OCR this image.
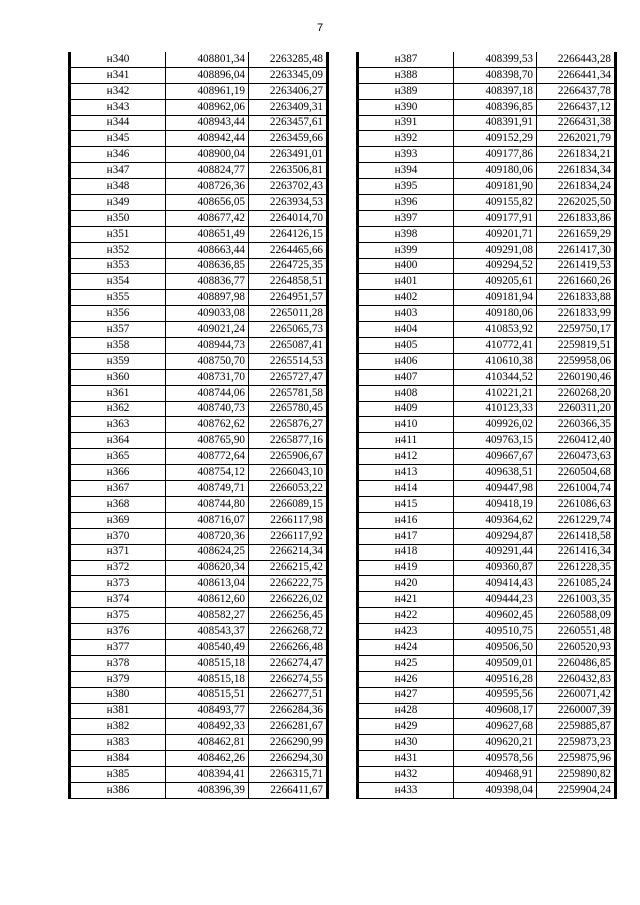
7
н340	408801,34	2263285,48
н341	408896,04	2263345,09
н342	408961,19	2263406,27
н343	408962,06	2263409,31
н344	408943,44	2263457,61
н345	408942,44	2263459,66
н346	408900,04	2263491,01
н347	408824,77	2263506,81
н348	408726,36	2263702,43
н349	408656,05	2263934,53
н350	408677,42	2264014,70
н351	408651,49	2264126,15
н352	408663,44	2264465,66
н353	408636,85	2264725,35
н354	408836,77	2264858,51
н355	408897,98	2264951,57
н356	409033,08	2265011,28
н357	409021,24	2265065,73
н358	408944,73	2265087,41
н359	408750,70	2265514,53
н360	408731,70	2265727,47
н361	408744,06	2265781,58
н362	408740,73	2265780,45
н363	408762,62	2265876,27
н364	408765,90	2265877,16
н365	408772,64	2265906,67
н366	408754,12	2266043,10
н367	408749,71	2266053,22
н368	408744,80	2266089,15
н369	408716,07	2266117,98
н370	408720,36	2266117,92
н371	408624,25	2266214,34
н372	408620,34	2266215,42
н373	408613,04	2266222,75
н374	408612,60	2266226,02
н375	408582,27	2266256,45
н376	408543,37	2266268,72
н377	408540,49	2266266,48
н378	408515,18	2266274,47
н379	408515,18	2266274,55
н380	408515,51	2266277,51
н381	408493,77	2266284,36
н382	408492,33	2266281,67
н383	408462,81	2266290,99
н384	408462,26	2266294,30
н385	408394,41	2266315,71
н386	408396,39	2266411,67
н387	408399,53	2266443,28
н388	408398,70	2266441,34
н389	408397,18	2266437,78
н390	408396,85	2266437,12
н391	408391,91	2266431,38
н392	409152,29	2262021,79
н393	409177,86	2261834,21
н394	409180,06	2261834,34
н395	409181,90	2261834,24
н396	409155,82	2262025,50
н397	409177,91	2261833,86
н398	409201,71	2261659,29
н399	409291,08	2261417,30
н400	409294,52	2261419,53
н401	409205,61	2261660,26
н402	409181,94	2261833,88
н403	409180,06	2261833,99
н404	410853,92	2259750,17
н405	410772,41	2259819,51
н406	410610,38	2259958,06
н407	410344,52	2260190,46
н408	410221,21	2260268,20
н409	410123,33	2260311,20
н410	409926,02	2260366,35
н411	409763,15	2260412,40
н412	409667,67	2260473,63
н413	409638,51	2260504,68
н414	409447,98	2261004,74
н415	409418,19	2261086,63
н416	409364,62	2261229,74
н417	409294,87	2261418,58
н418	409291,44	2261416,34
н419	409360,87	2261228,35
н420	409414,43	2261085,24
н421	409444,23	2261003,35
н422	409602,45	2260588,09
н423	409510,75	2260551,48
н424	409506,50	2260520,93
н425	409509,01	2260486,85
н426	409516,28	2260432,83
н427	409595,56	2260071,42
н428	409608,17	2260007,39
н429	409627,68	2259885,87
н430	409620,21	2259873,23
н431	409578,56	2259875,96
н432	409468,91	2259890,82
н433	409398,04	2259904,24
